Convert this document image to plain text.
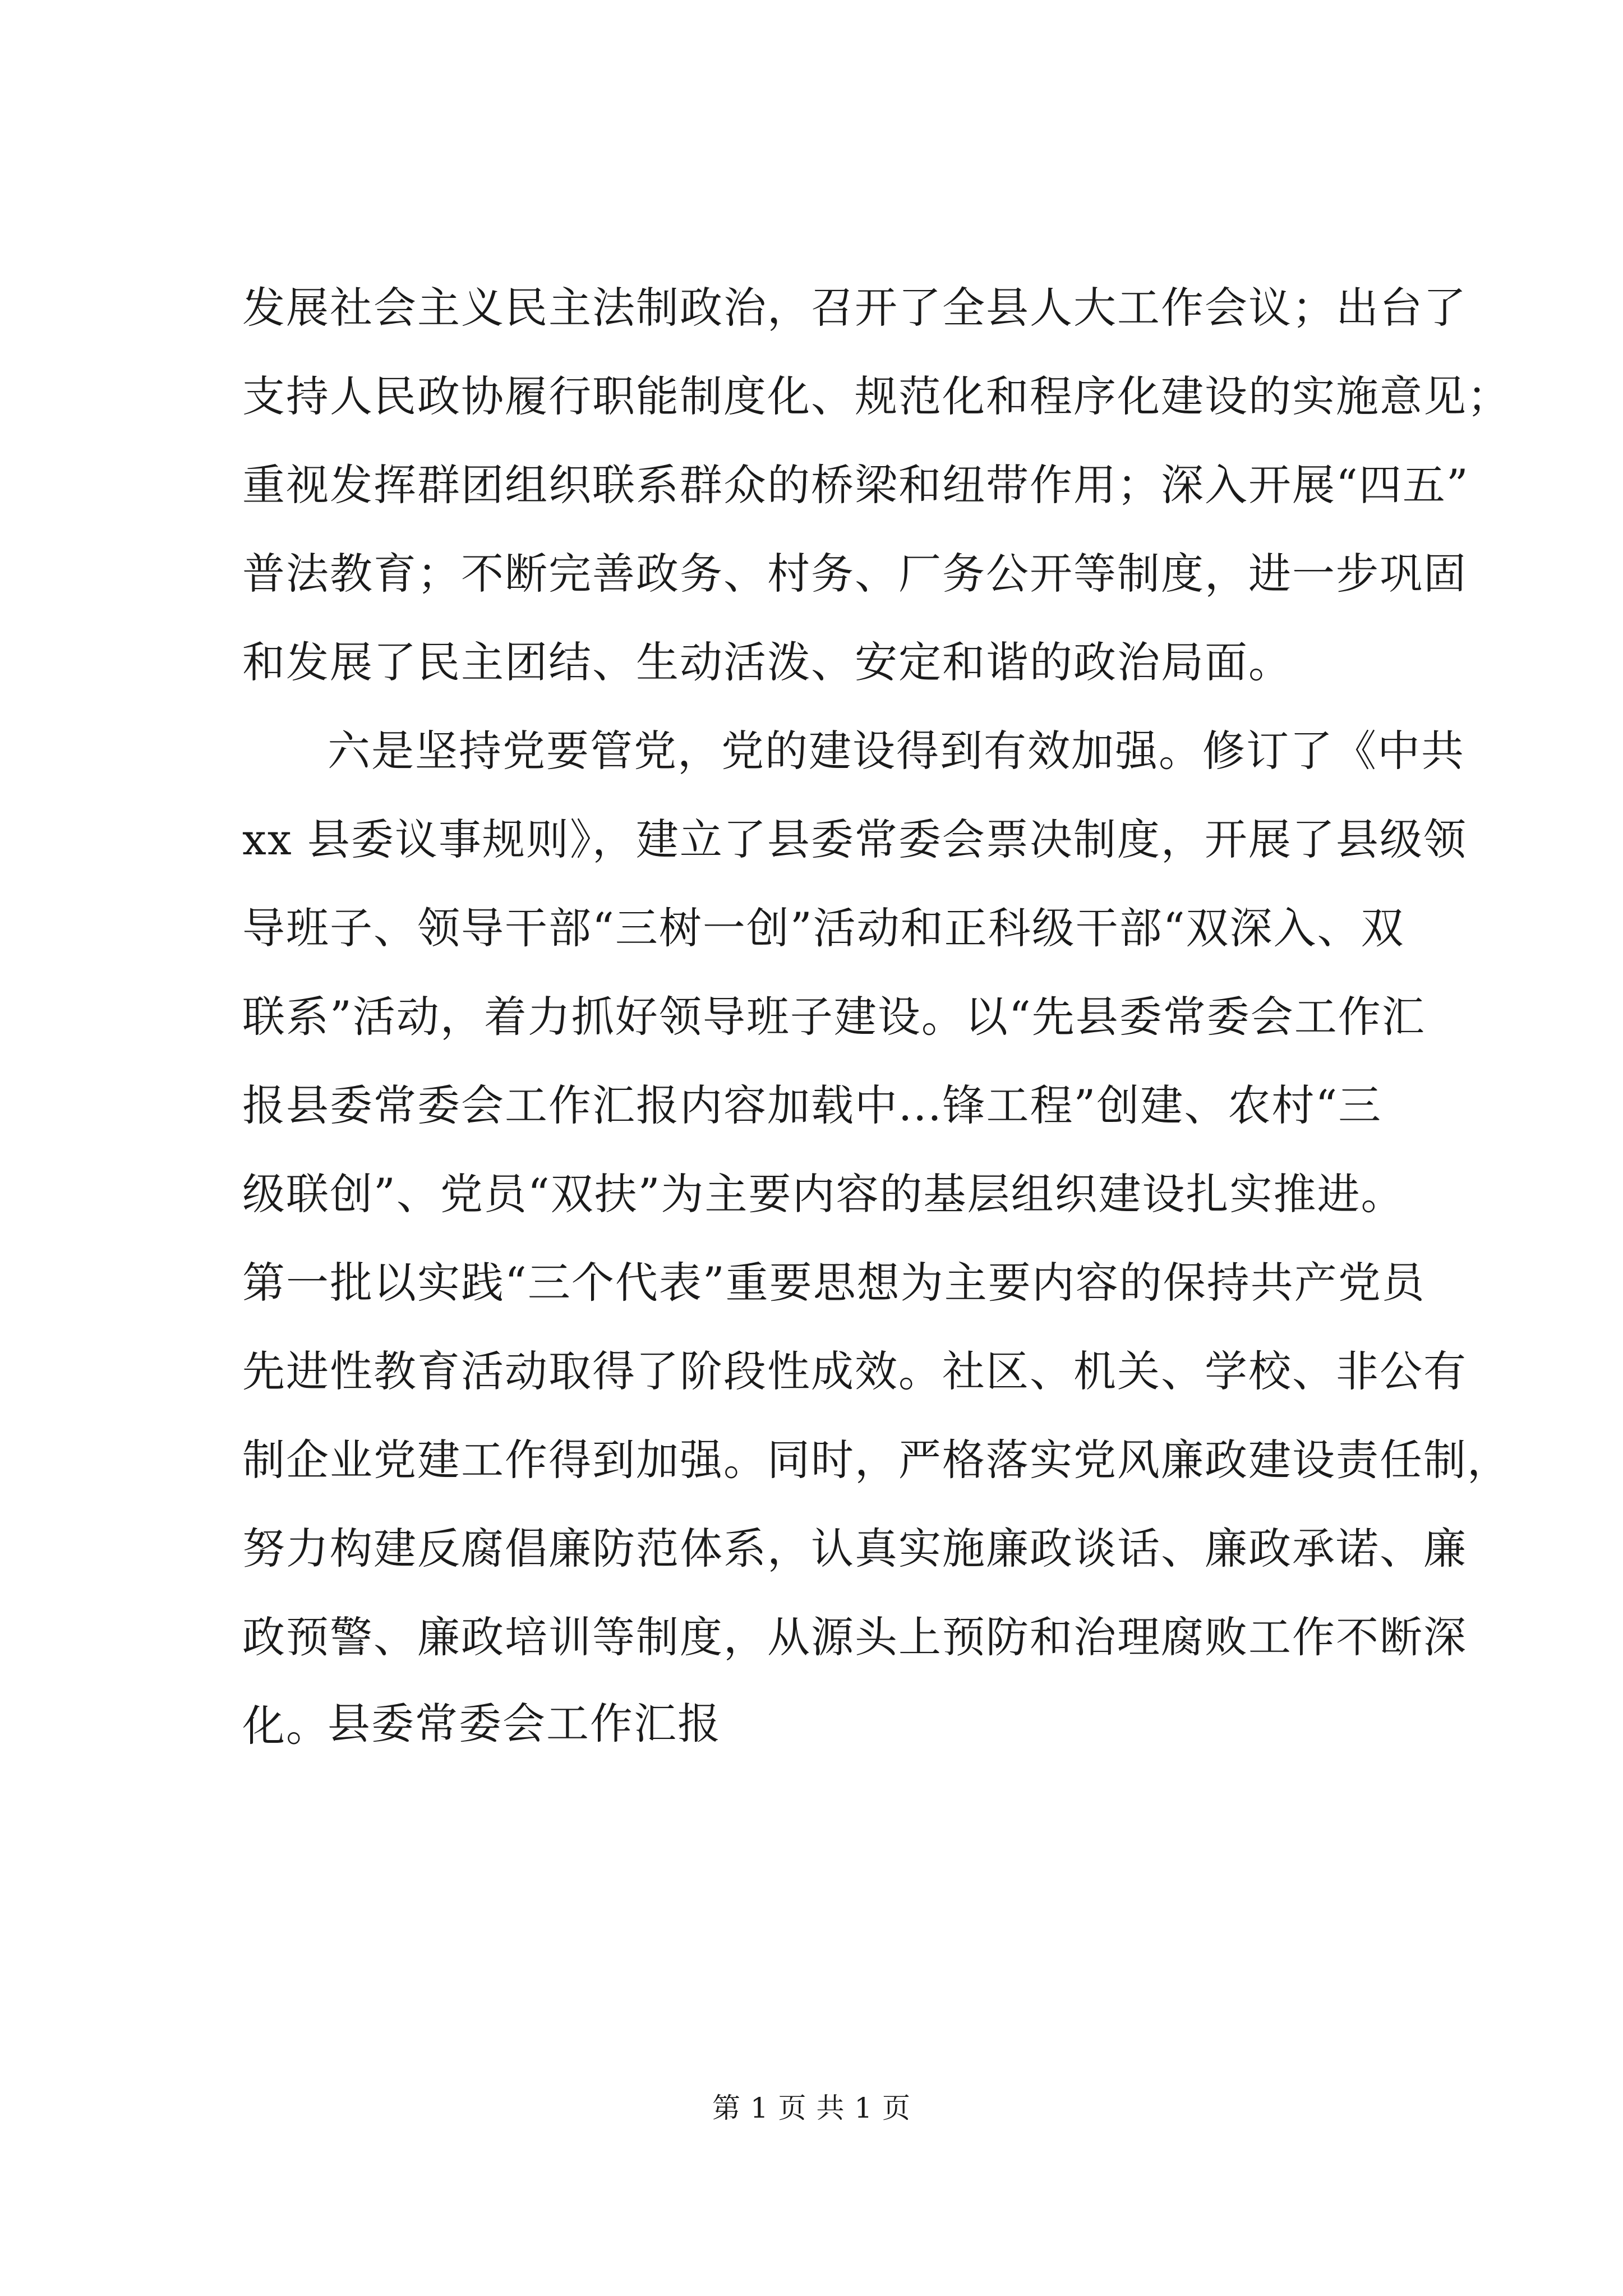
发展社会主义民主法制政治，召开了全县人大工作会议；出台了
支持人民政协履行职能制度化、规范化和程序化建设的实施意见；
重视发挥群团组织联系群众的桥梁和纽带作用；深入开展“四五”
普法教育；不断完善政务、村务、厂务公开等制度，进一步巩固
和发展了民主团结、生动活泼、安定和谐的政治局面。
六是坚持党要管党，党的建设得到有效加强。修订了《中共
xx 县委议事规则》，建立了县委常委会票决制度，开展了县级领
导班子、领导干部“三树一创”活动和正科级干部“双深入、双
联系”活动，着力抓好领导班子建设。以“先县委常委会工作汇
报县委常委会工作汇报内容加载中...锋工程”创建、农村“三
级联创”、党员“双扶”为主要内容的基层组织建设扎实推进。
第一批以实践“三个代表”重要思想为主要内容的保持共产党员
先进性教育活动取得了阶段性成效。社区、机关、学校、非公有
制企业党建工作得到加强。同时，严格落实党风廉政建设责任制，
努力构建反腐倡廉防范体系，认真实施廉政谈话、廉政承诺、廉
政预警、廉政培训等制度，从源头上预防和治理腐败工作不断深
化。
县委常委会工作汇报
第 1 页 共 1 页
